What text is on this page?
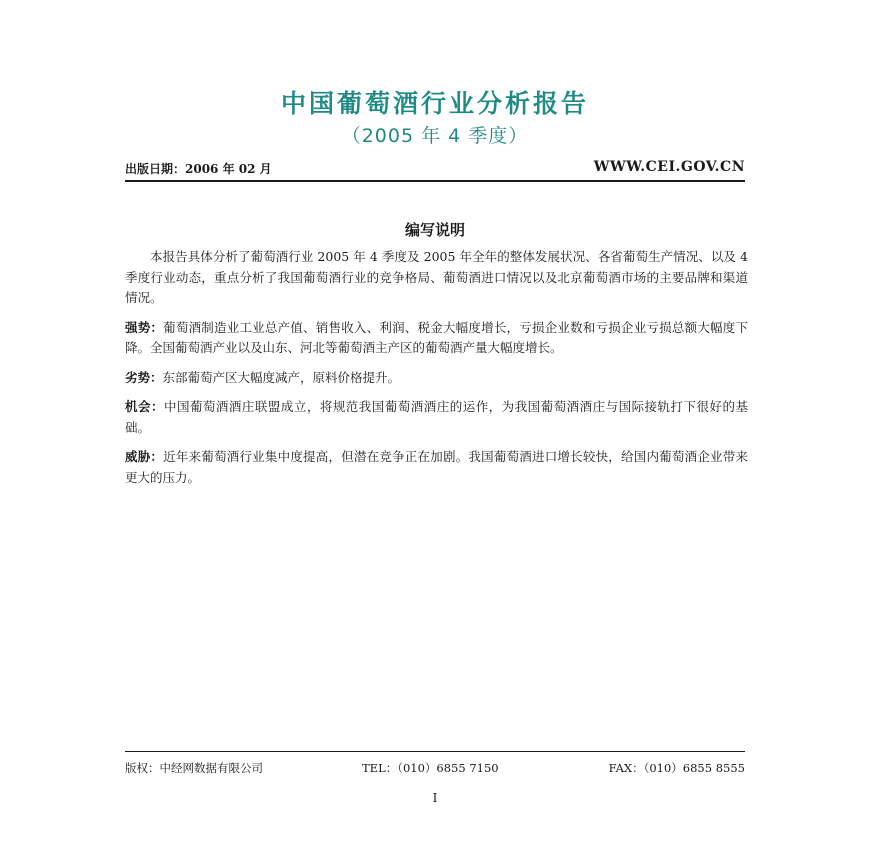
中国葡萄酒行业分析报告
（2005 年 4 季度）
出版日期：2006 年 02 月	WWW.CEI.GOV.CN
编写说明

本报告具体分析了葡萄酒行业 2005 年 4 季度及 2005 年全年的整体发展状况、各省葡萄生产情况、以及 4 季度行业动态，重点分析了我国葡萄酒行业的竞争格局、葡萄酒进口情况以及北京葡萄酒市场的主要品牌和渠道情况。

强势：葡萄酒制造业工业总产值、销售收入、利润、税金大幅度增长，亏损企业数和亏损企业亏损总额大幅度下降。全国葡萄酒产业以及山东、河北等葡萄酒主产区的葡萄酒产量大幅度增长。

劣势：东部葡萄产区大幅度减产，原料价格提升。

机会：中国葡萄酒酒庄联盟成立，将规范我国葡萄酒酒庄的运作，为我国葡萄酒酒庄与国际接轨打下很好的基础。

威胁：近年来葡萄酒行业集中度提高，但潜在竞争正在加剧。我国葡萄酒进口增长较快，给国内葡萄酒企业带来更大的压力。

版权：中经网数据有限公司	TEL：（010）6855 7150	FAX：（010）6855 8555
I
